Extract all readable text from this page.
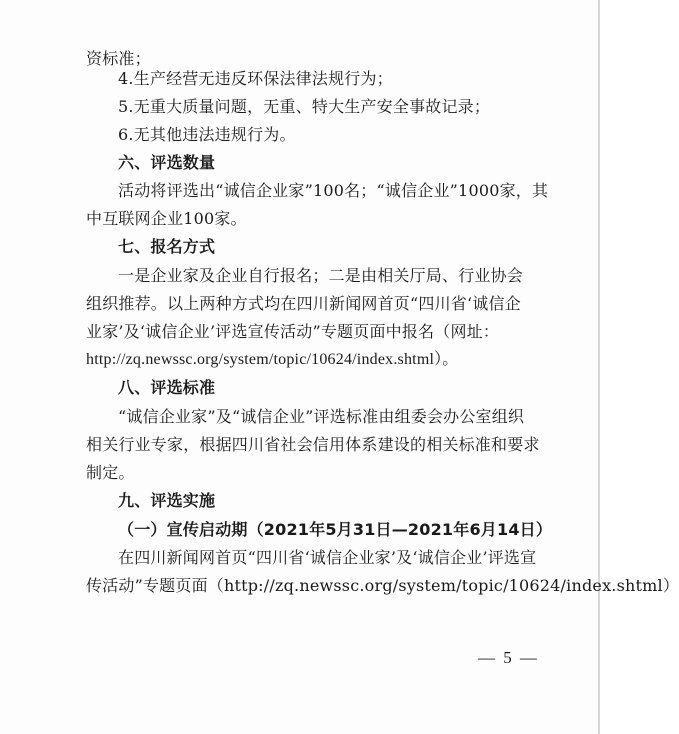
资标准；
4.生产经营无违反环保法律法规行为；
5.无重大质量问题，无重、特大生产安全事故记录；
6.无其他违法违规行为。
六、评选数量
活动将评选出“诚信企业家”100名；“诚信企业”1000家，其
中互联网企业100家。
七、报名方式
一是企业家及企业自行报名；二是由相关厅局、行业协会
组织推荐。以上两种方式均在四川新闻网首页“四川省‘诚信企
业家’及‘诚信企业’评选宣传活动”专题页面中报名（网址：
http://zq.newssc.org/system/topic/10624/index.shtml）。
八、评选标准
“诚信企业家”及“诚信企业”评选标准由组委会办公室组织
相关行业专家，根据四川省社会信用体系建设的相关标准和要求
制定。
— 5 —
九、评选实施
（一）宣传启动期（2021年5月31日—2021年6月14日）
在四川新闻网首页“四川省‘诚信企业家’及‘诚信企业’评选宣
传活动”专题页面（http://zq.newssc.org/system/topic/10624/index.shtml）
